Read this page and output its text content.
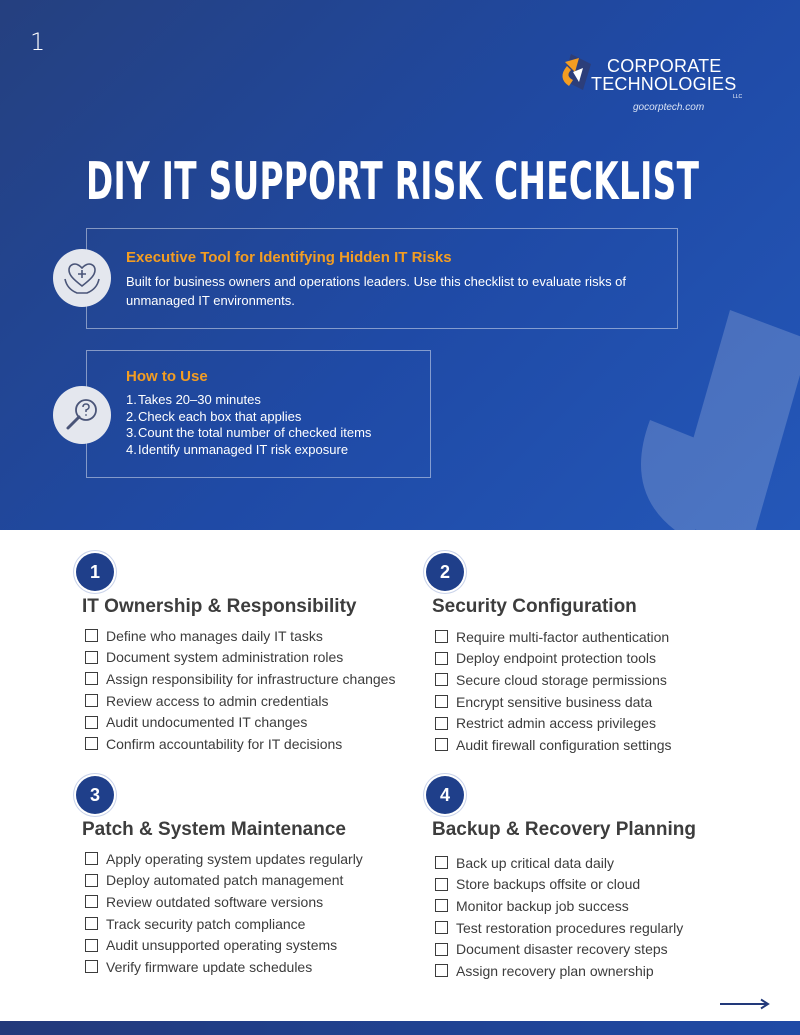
1
CORPORATE
TECHNOLOGIES
LLC
gocorptech.com
DIY IT SUPPORT RISK CHECKLIST
Executive Tool for Identifying Hidden IT Risks
Built for business owners and operations leaders. Use this checklist to evaluate risks of unmanaged IT environments.
How to Use
1. Takes 20–30 minutes
2. Check each box that applies
3. Count the total number of checked items
4. Identify unmanaged IT risk exposure
1
IT Ownership & Responsibility
Define who manages daily IT tasks
Document system administration roles
Assign responsibility for infrastructure changes
Review access to admin credentials
Audit undocumented IT changes
Confirm accountability for IT decisions
2
Security Configuration
Require multi-factor authentication
Deploy endpoint protection tools
Secure cloud storage permissions
Encrypt sensitive business data
Restrict admin access privileges
Audit firewall configuration settings
3
Patch & System Maintenance
Apply operating system updates regularly
Deploy automated patch management
Review outdated software versions
Track security patch compliance
Audit unsupported operating systems
Verify firmware update schedules
4
Backup & Recovery Planning
Back up critical data daily
Store backups offsite or cloud
Monitor backup job success
Test restoration procedures regularly
Document disaster recovery steps
Assign recovery plan ownership
